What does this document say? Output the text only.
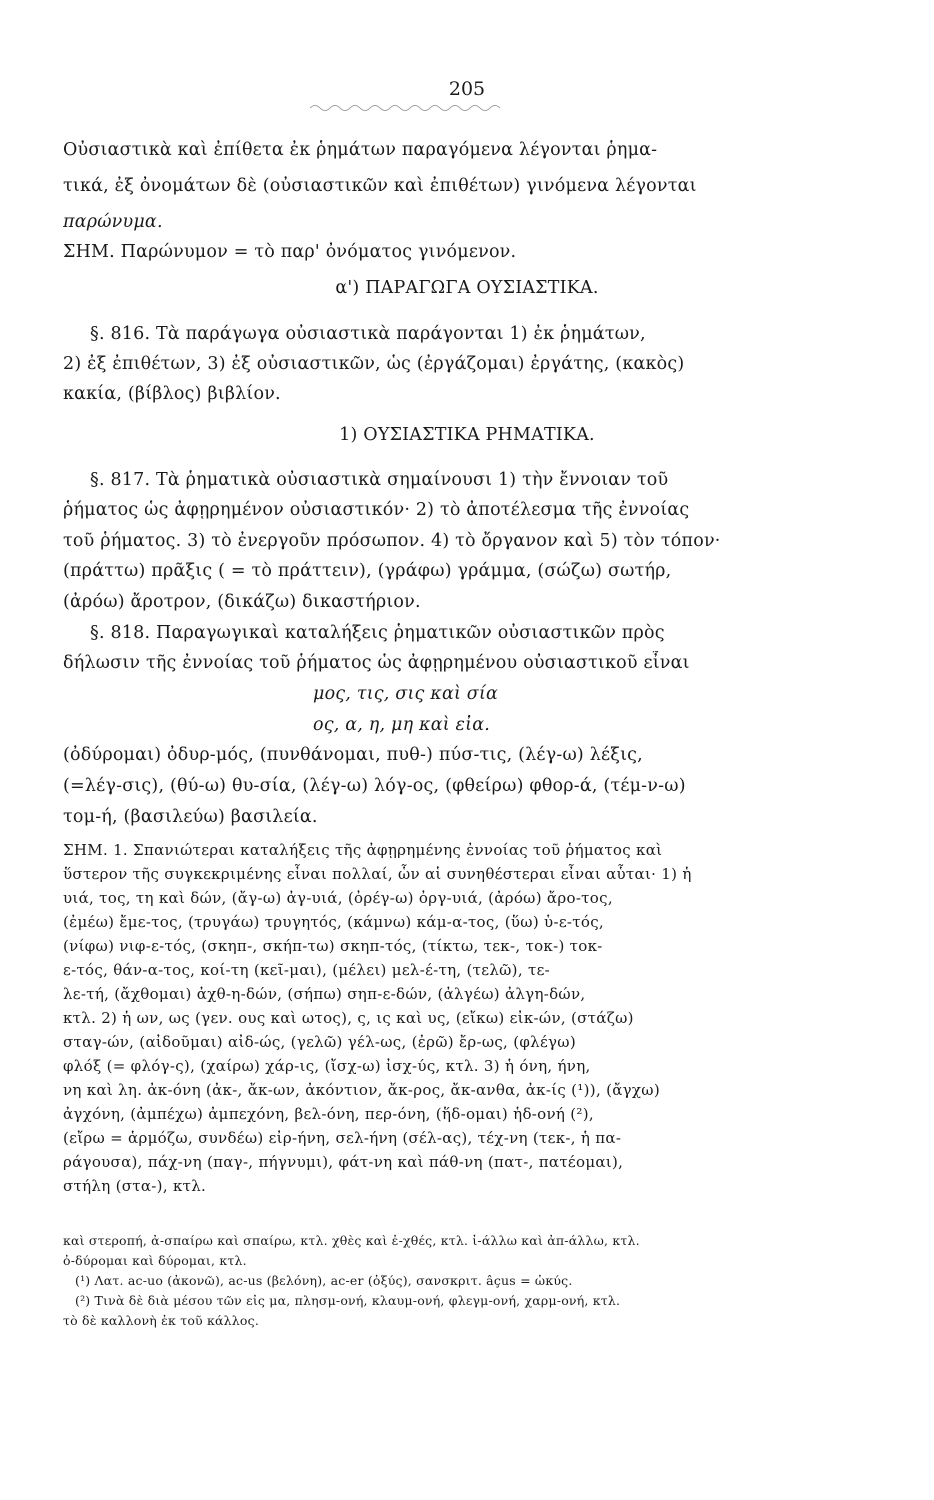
205
Οὐσιαστικὰ καὶ ἐπίθετα ἐκ ῥημάτων παραγόμενα λέγονται ῥημα-
τικά, ἐξ ὀνομάτων δὲ (οὐσιαστικῶν καὶ ἐπιθέτων) γινόμενα λέγονται
παρώνυμα.
ΣΗΜ. Παρώνυμον = τὸ παρ' ὀνόματος γινόμενον.
α') ΠΑΡΑΓΩΓΑ ΟΥΣΙΑΣΤΙΚΑ.
§. 816. Τὰ παράγωγα οὐσιαστικὰ παράγονται 1) ἐκ ῥημάτων,
2) ἐξ ἐπιθέτων, 3) ἐξ οὐσιαστικῶν, ὡς (ἐργάζομαι) ἐργάτης, (κακὸς)
κακία, (βίβλος) βιβλίον.
1) ΟΥΣΙΑΣΤΙΚΑ ΡΗΜΑΤΙΚΑ.
§. 817. Τὰ ῥηματικὰ οὐσιαστικὰ σημαίνουσι 1) τὴν ἔννοιαν τοῦ
ῥήματος ὡς ἀφῃρημένον οὐσιαστικόν· 2) τὸ ἀποτέλεσμα τῆς ἐννοίας
τοῦ ῥήματος. 3) τὸ ἐνεργοῦν πρόσωπον. 4) τὸ ὄργανον καὶ 5) τὸν τόπον·
(πράττω) πρᾶξις ( = τὸ πράττειν), (γράφω) γράμμα, (σώζω) σωτήρ,
(ἀρόω) ἄροτρον, (δικάζω) δικαστήριον.
§. 818. Παραγωγικαὶ καταλήξεις ῥηματικῶν οὐσιαστικῶν πρὸς
δήλωσιν τῆς ἐννοίας τοῦ ῥήματος ὡς ἀφῃρημένου οὐσιαστικοῦ εἶναι
μος, τις, σις καὶ σία
ος, α, η, μη καὶ εἰα.
(ὀδύρομαι) ὀδυρ-μός, (πυνθάνομαι, πυθ-) πύσ-τις, (λέγ-ω) λέξις,
(=λέγ-σις), (θύ-ω) θυ-σία, (λέγ-ω) λόγ-ος, (φθείρω) φθορ-ά, (τέμ-ν-ω)
τομ-ή, (βασιλεύω) βασιλεία.
ΣΗΜ. 1. Σπανιώτεραι καταλήξεις τῆς ἀφῃρημένης ἐννοίας τοῦ ῥήματος καὶ
ὕστερον τῆς συγκεκριμένης εἶναι πολλαί, ὧν αἱ συνηθέστεραι εἶναι αὗται· 1) ἡ
υιά, τος, τη καὶ δών, (ἄγ-ω) ἀγ-υιά, (ὀρέγ-ω) ὀργ-υιά, (ἀρόω) ἄρο-τος,
(ἐμέω) ἔμε-τος, (τρυγάω) τρυγητός, (κάμνω) κάμ-α-τος, (ὕω) ὑ-ε-τός,
(νίφω) νιφ-ε-τός, (σκηπ-, σκήπ-τω) σκηπ-τός, (τίκτω, τεκ-, τοκ-) τοκ-
ε-τός, θάν-α-τος, κοί-τη (κεῖ-μαι), (μέλει) μελ-έ-τη, (τελῶ), τε-
λε-τή, (ἄχθομαι) ἀχθ-η-δών, (σήπω) σηπ-ε-δών, (ἀλγέω) ἀλγη-δών,
κτλ. 2) ἡ ων, ως (γεν. ους καὶ ωτος), ς, ις καὶ υς, (εἴκω) εἰκ-ών, (στάζω)
σταγ-ών, (αἰδοῦμαι) αἰδ-ώς, (γελῶ) γέλ-ως, (ἐρῶ) ἔρ-ως, (φλέγω)
φλόξ (= φλόγ-ς), (χαίρω) χάρ-ις, (ἴσχ-ω) ἰσχ-ύς, κτλ. 3) ἡ όνη, ήνη,
νη καὶ λη. ἀκ-όνη (ἀκ-, ἄκ-ων, ἀκόντιον, ἄκ-ρος, ἄκ-ανθα, ἀκ-ίς (¹)), (ἄγχω)
ἀγχόνη, (ἀμπέχω) ἀμπεχόνη, βελ-όνη, περ-όνη, (ἥδ-ομαι) ἡδ-ονή (²),
(εἴρω = ἁρμόζω, συνδέω) εἰρ-ήνη, σελ-ήνη (σέλ-ας), τέχ-νη (τεκ-, ἡ πα-
ράγουσα), πάχ-νη (παγ-, πήγνυμι), φάτ-νη καὶ πάθ-νη (πατ-, πατέομαι),
στήλη (στα-), κτλ.
καὶ στεροπή, ἀ-σπαίρω καὶ σπαίρω, κτλ. χθὲς καὶ ἐ-χθές, κτλ. ἰ-άλλω καὶ ἀπ-άλλω, κτλ.
ὀ-δύρομαι καὶ δύρομαι, κτλ.
(¹) Λατ. ac-uo (ἀκονῶ), ac-us (βελόνη), ac-er (ὀξύς), σανσκριτ. âçus = ὠκύς.
(²) Τινὰ δὲ διὰ μέσου τῶν εἰς μα, πλησμ-ονή, κλαυμ-ονή, φλεγμ-ονή, χαρμ-ονή, κτλ.
τὸ δὲ καλλονὴ ἐκ τοῦ κάλλος.
